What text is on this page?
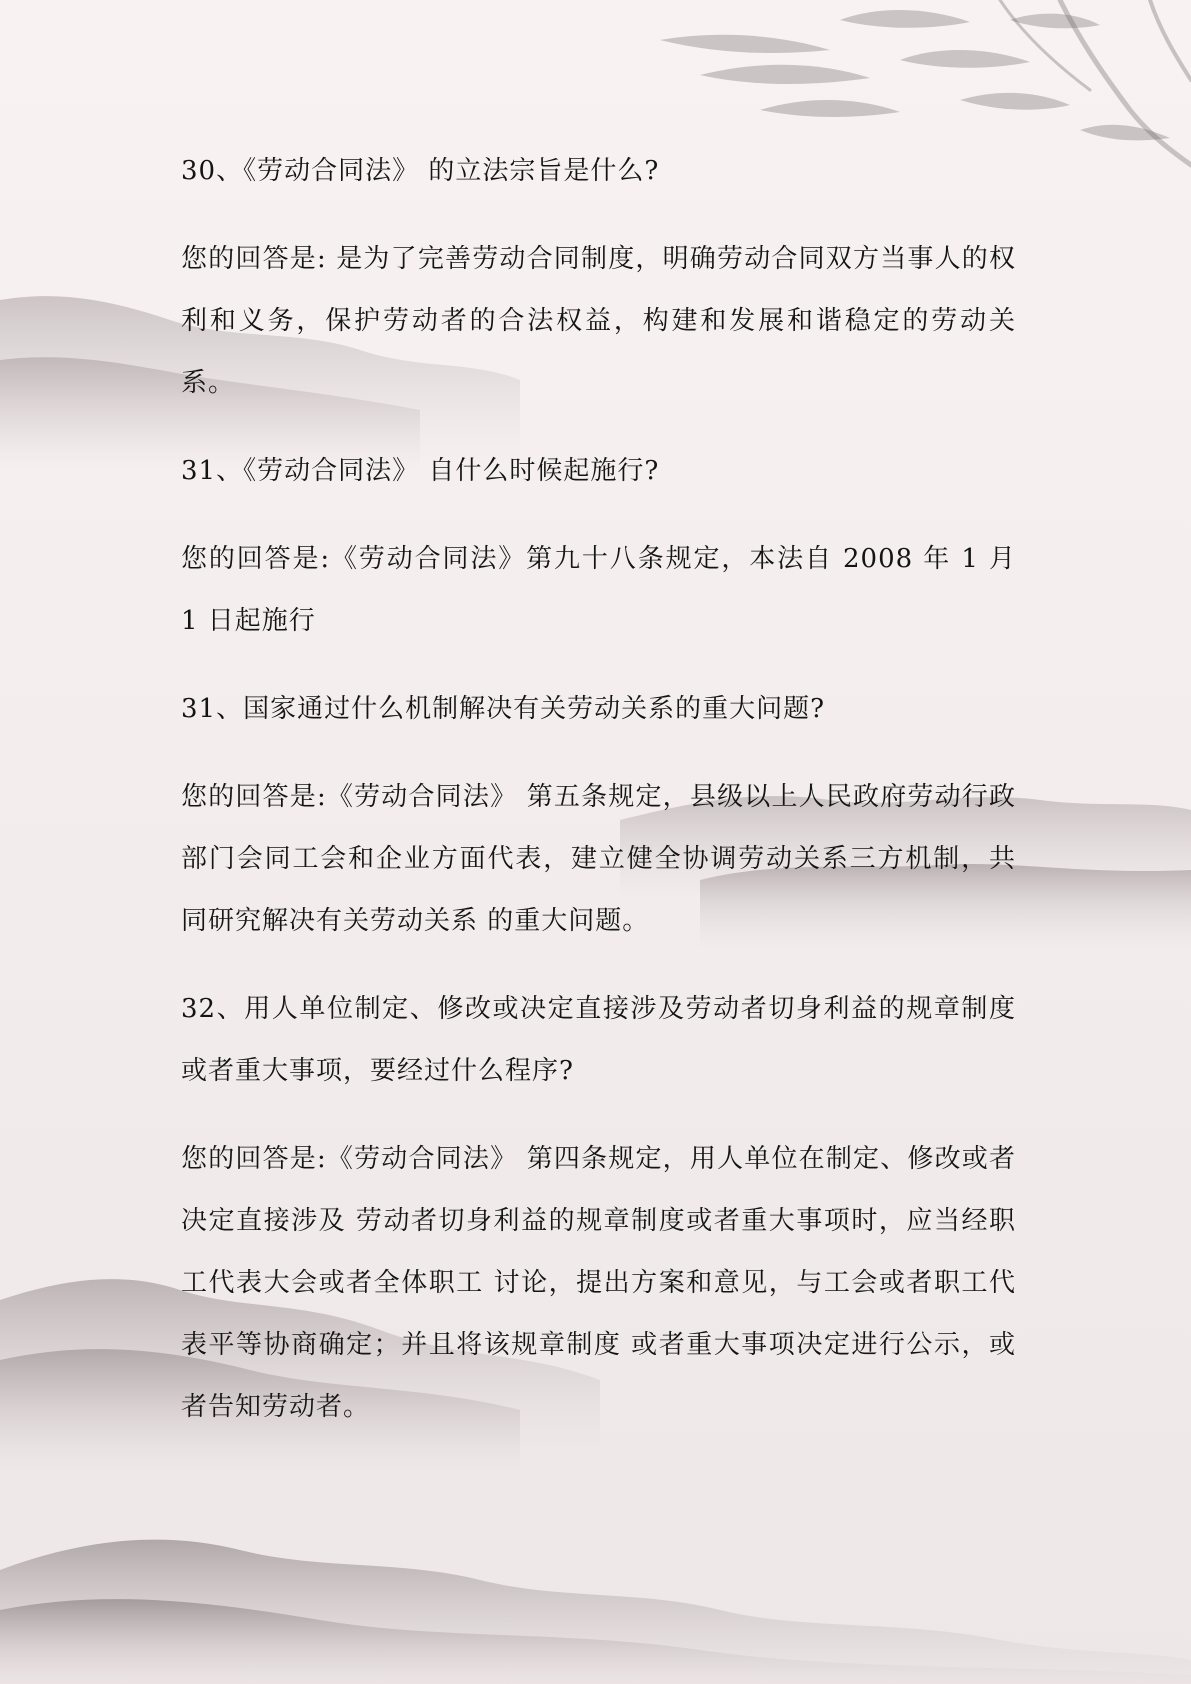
30、《劳动合同法》 的立法宗旨是什么?

您的回答是: 是为了完善劳动合同制度，明确劳动合同双方当事人的权利和义务，保护劳动者的合法权益，构建和发展和谐稳定的劳动关系。

31、《劳动合同法》 自什么时候起施行?

您的回答是:《劳动合同法》第九十八条规定，本法自 2008 年 1 月 1 日起施行

31、国家通过什么机制解决有关劳动关系的重大问题?

您的回答是:《劳动合同法》 第五条规定，县级以上人民政府劳动行政部门会同工会和企业方面代表，建立健全协调劳动关系三方机制，共同研究解决有关劳动关系 的重大问题。

32、用人单位制定、修改或决定直接涉及劳动者切身利益的规章制度或者重大事项，要经过什么程序?

您的回答是:《劳动合同法》 第四条规定，用人单位在制定、修改或者决定直接涉及 劳动者切身利益的规章制度或者重大事项时，应当经职工代表大会或者全体职工 讨论，提出方案和意见，与工会或者职工代表平等协商确定；并且将该规章制度 或者重大事项决定进行公示，或者告知劳动者。
